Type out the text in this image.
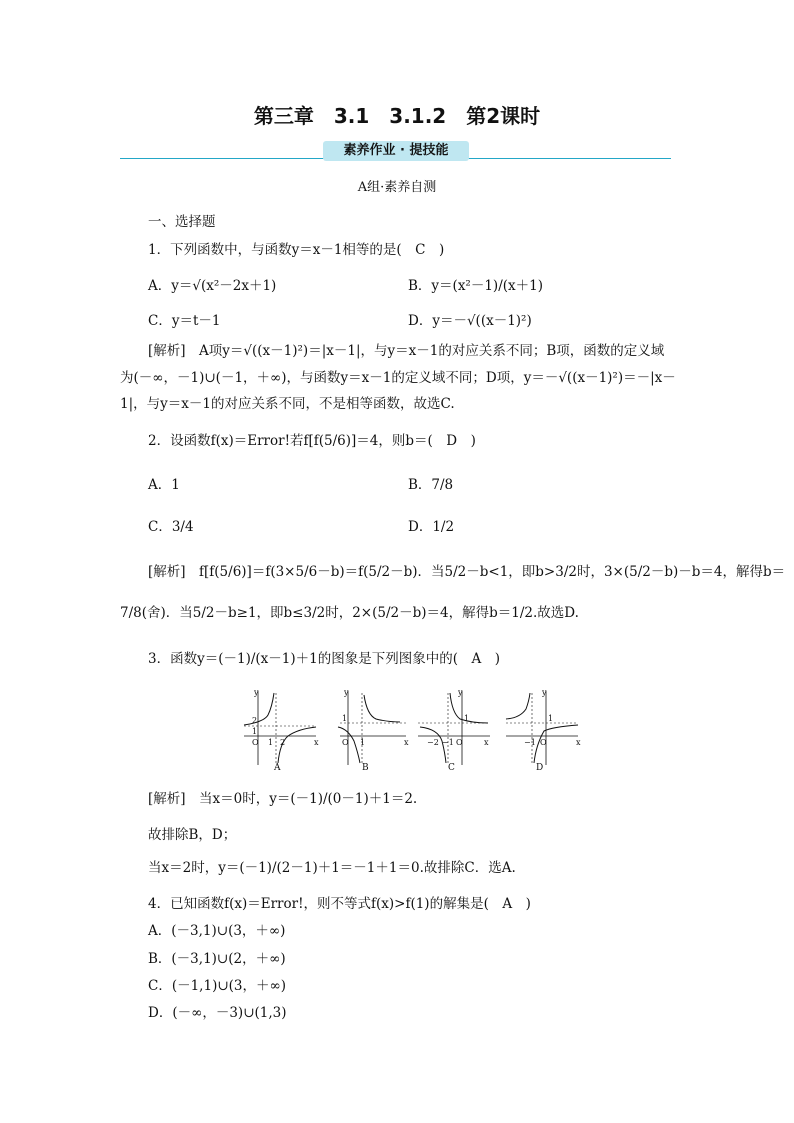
第三章　3.1　3.1.2　第2课时
素养作业 · 提技能
A组·素养自测
一、选择题
1．下列函数中，与函数y＝x－1相等的是(　C　)
A．y＝√(x²－2x＋1)	B．y＝(x²－1)/(x＋1)
C．y＝t－1	D．y＝－√((x－1)²)
[解析]　A项y＝√((x－1)²)＝|x－1|，与y＝x－1的对应关系不同；B项，函数的定义域
为(－∞，－1)∪(－1，＋∞)，与函数y＝x－1的定义域不同；D项，y＝－√((x－1)²)＝－|x－
1|，与y＝x－1的对应关系不同，不是相等函数，故选C.
2．设函数f(x)＝Error!若f[f(5/6)]＝4，则b＝(　D　)
A．1	B．7/8
C．3/4	D．1/2
[解析]　f[f(5/6)]＝f(3×5/6－b)＝f(5/2－b)．当5/2－b<1，即b>3/2时，3×(5/2－b)－b＝4，解得b＝
7/8(舍)．当5/2－b≥1，即b≤3/2时，2×(5/2－b)＝4，解得b＝1/2.故选D.
3．函数y＝(－1)/(x－1)＋1的图象是下列图象中的(　A　)
2
1
O 1 2	x
y
1
O 1	x
y
−2 −1 O
1
x
y
−1 O
1
x
y
A	B	C	D
[解析]　当x＝0时，y＝(－1)/(0－1)＋1＝2.
故排除B，D；
当x＝2时，y＝(－1)/(2－1)＋1＝－1＋1＝0.故排除C．选A.
4．已知函数f(x)＝Error!，则不等式f(x)>f(1)的解集是(　A　)
A．(－3,1)∪(3，＋∞)
B．(－3,1)∪(2，＋∞)
C．(－1,1)∪(3，＋∞)
D．(－∞，－3)∪(1,3)
